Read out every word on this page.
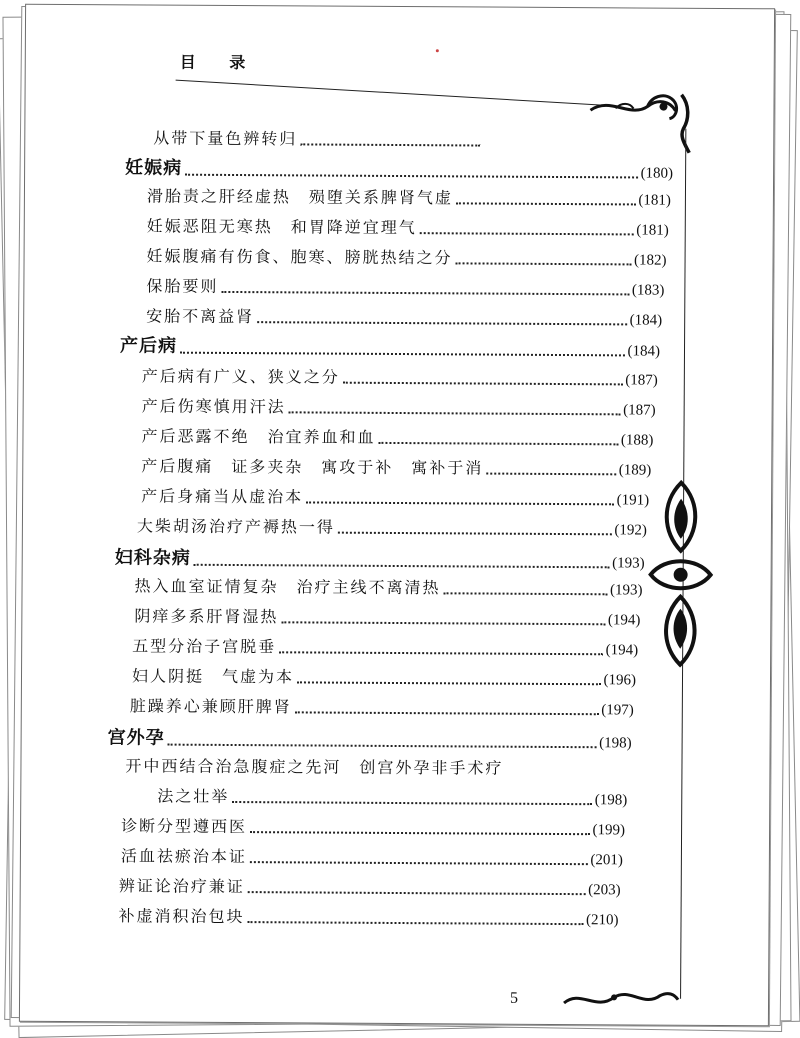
目 录
从带下量色辨转归
妊娠病	(180)
滑胎责之肝经虚热　殒堕关系脾肾气虚	(181)
妊娠恶阻无寒热　和胃降逆宜理气	(181)
妊娠腹痛有伤食、胞寒、膀胱热结之分	(182)
保胎要则	(183)
安胎不离益肾	(184)
产后病	(184)
产后病有广义、狭义之分	(187)
产后伤寒慎用汗法	(187)
产后恶露不绝　治宜养血和血	(188)
产后腹痛　证多夹杂　寓攻于补　寓补于消	(189)
产后身痛当从虚治本	(191)
大柴胡汤治疗产褥热一得	(192)
妇科杂病	(193)
热入血室证情复杂　治疗主线不离清热	(193)
阴痒多系肝肾湿热	(194)
五型分治子宫脱垂	(194)
妇人阴挺　气虚为本	(196)
脏躁养心兼顾肝脾肾	(197)
宫外孕	(198)
开中西结合治急腹症之先河　创宫外孕非手术疗
法之壮举	(198)
诊断分型遵西医	(199)
活血祛瘀治本证	(201)
辨证论治疗兼证	(203)
补虚消积治包块	(210)
5
